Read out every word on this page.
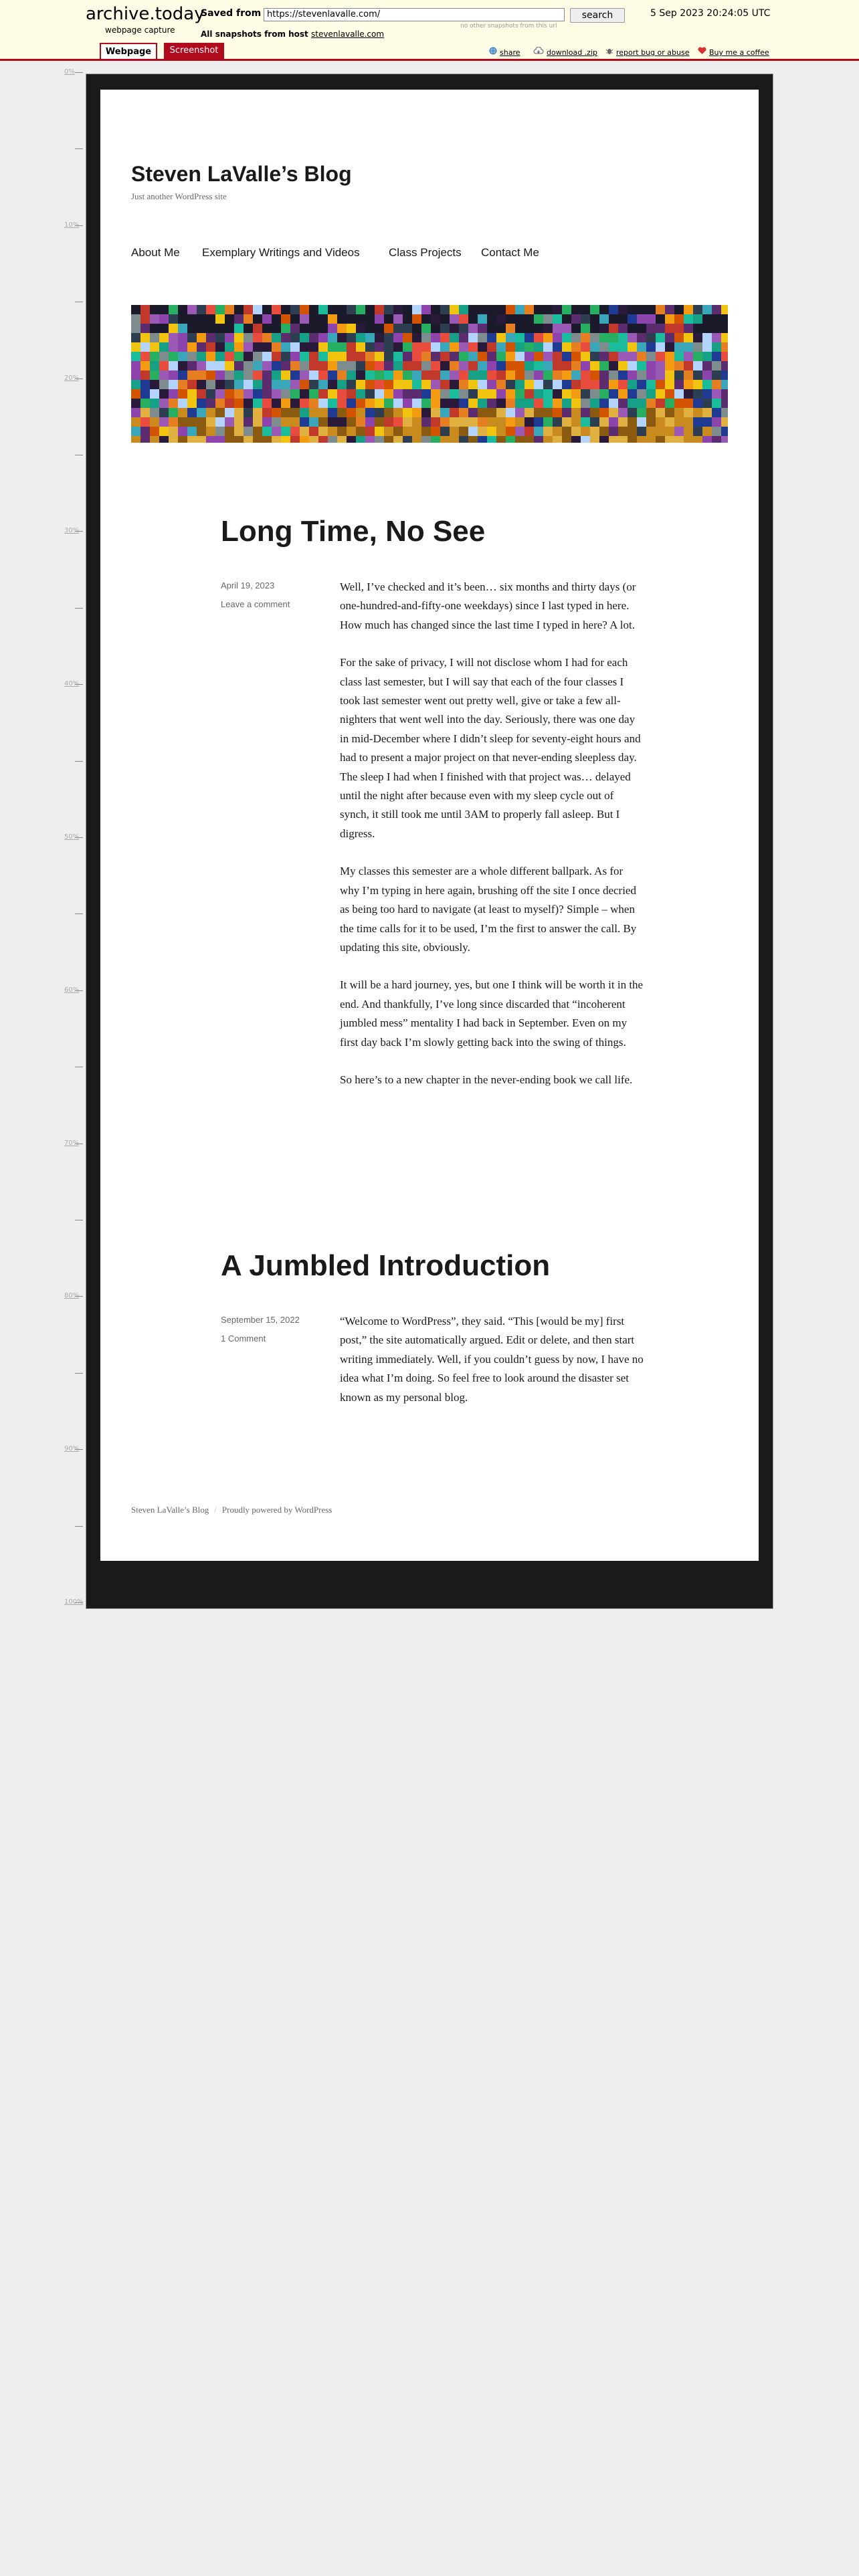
archive.today
webpage capture
Saved from https://stevenlavalle.com/	search
no other snapshots from this url
5 Sep 2023 20:24:05 UTC
All snapshots from host stevenlavalle.com
Webpage	Screenshot	share	download .zip	report bug or abuse	Buy me a coffee
0%
10%
20%
30%
40%
50%
60%
70%
80%
90%
100%
Steven LaValle’s Blog
Just another WordPress site
About Me Exemplary Writings and Videos	Class Projects Contact Me
Long Time, No See
April 19, 2023
Leave a comment

Well, I’ve checked and it’s been… six months and thirty days (or one-hundred-and-fifty-one weekdays) since I last typed in here. How much has changed since the last time I typed in here? A lot.

For the sake of privacy, I will not disclose whom I had for each class last semester, but I will say that each of the four classes I took last semester went out pretty well, give or take a few all-nighters that went well into the day. Seriously, there was one day in mid-December where I didn’t sleep for seventy-eight hours and had to present a major project on that never-ending sleepless day. The sleep I had when I finished with that project was… delayed until the night after because even with my sleep cycle out of synch, it still took me until 3AM to properly fall asleep. But I digress.

My classes this semester are a whole different ballpark. As for why I’m typing in here again, brushing off the site I once decried as being too hard to navigate (at least to myself)? Simple – when the time calls for it to be used, I’m the first to answer the call. By updating this site, obviously.

It will be a hard journey, yes, but one I think will be worth it in the end. And thankfully, I’ve long since discarded that “incoherent jumbled mess” mentality I had back in September. Even on my first day back I’m slowly getting back into the swing of things.

So here’s to a new chapter in the never-ending book we call life.

A Jumbled Introduction
September 15, 2022
1 Comment

“Welcome to WordPress”, they said. “This [would be my] first post,” the site automatically argued. Edit or delete, and then start writing immediately. Well, if you couldn’t guess by now, I have no idea what I’m doing. So feel free to look around the disaster set known as my personal blog.

Steven LaValle’s Blog / Proudly powered by WordPress
